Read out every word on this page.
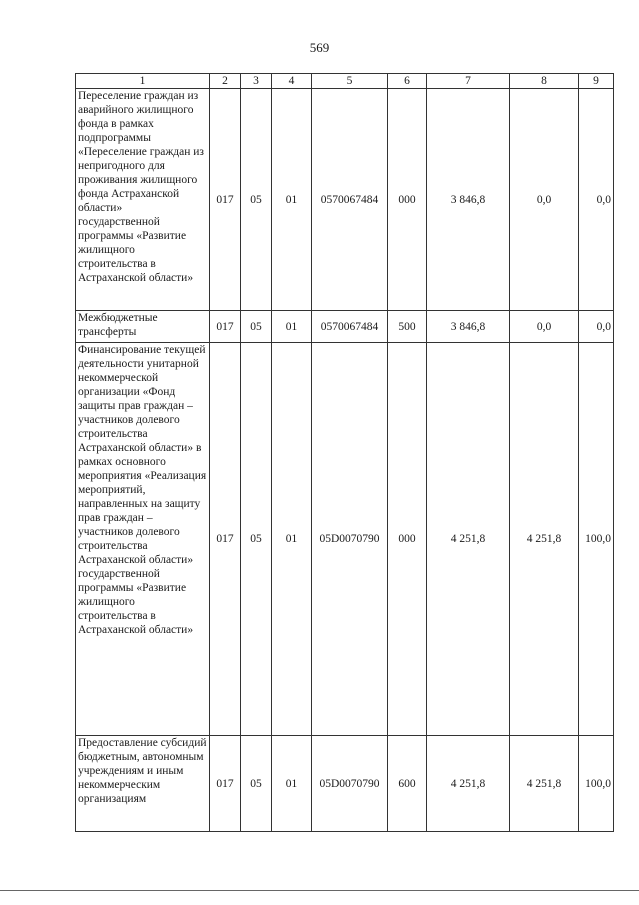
569
1	2	3	4	5	6	7	8	9
Переселение граждан из аварийного жилищного фонда в рамках подпрограммы «Переселение граждан из непригодного для проживания жилищного фонда Астраханской области» государственной программы «Развитие жилищного строительства в Астраханской области»	017	05	01	0570067484	000	3 846,8	0,0	0,0
Межбюджетные трансферты	017	05	01	0570067484	500	3 846,8	0,0	0,0
Финансирование текущей деятельности унитарной некоммерческой организации «Фонд защиты прав граждан – участников долевого строительства Астраханской области» в рамках основного мероприятия «Реализация мероприятий, направленных на защиту прав граждан – участников долевого строительства Астраханской области» государственной программы «Развитие жилищного строительства в Астраханской области»	017	05	01	05D0070790	000	4 251,8	4 251,8	100,0
Предоставление субсидий бюджетным, автономным учреждениям и иным некоммерческим организациям	017	05	01	05D0070790	600	4 251,8	4 251,8	100,0
